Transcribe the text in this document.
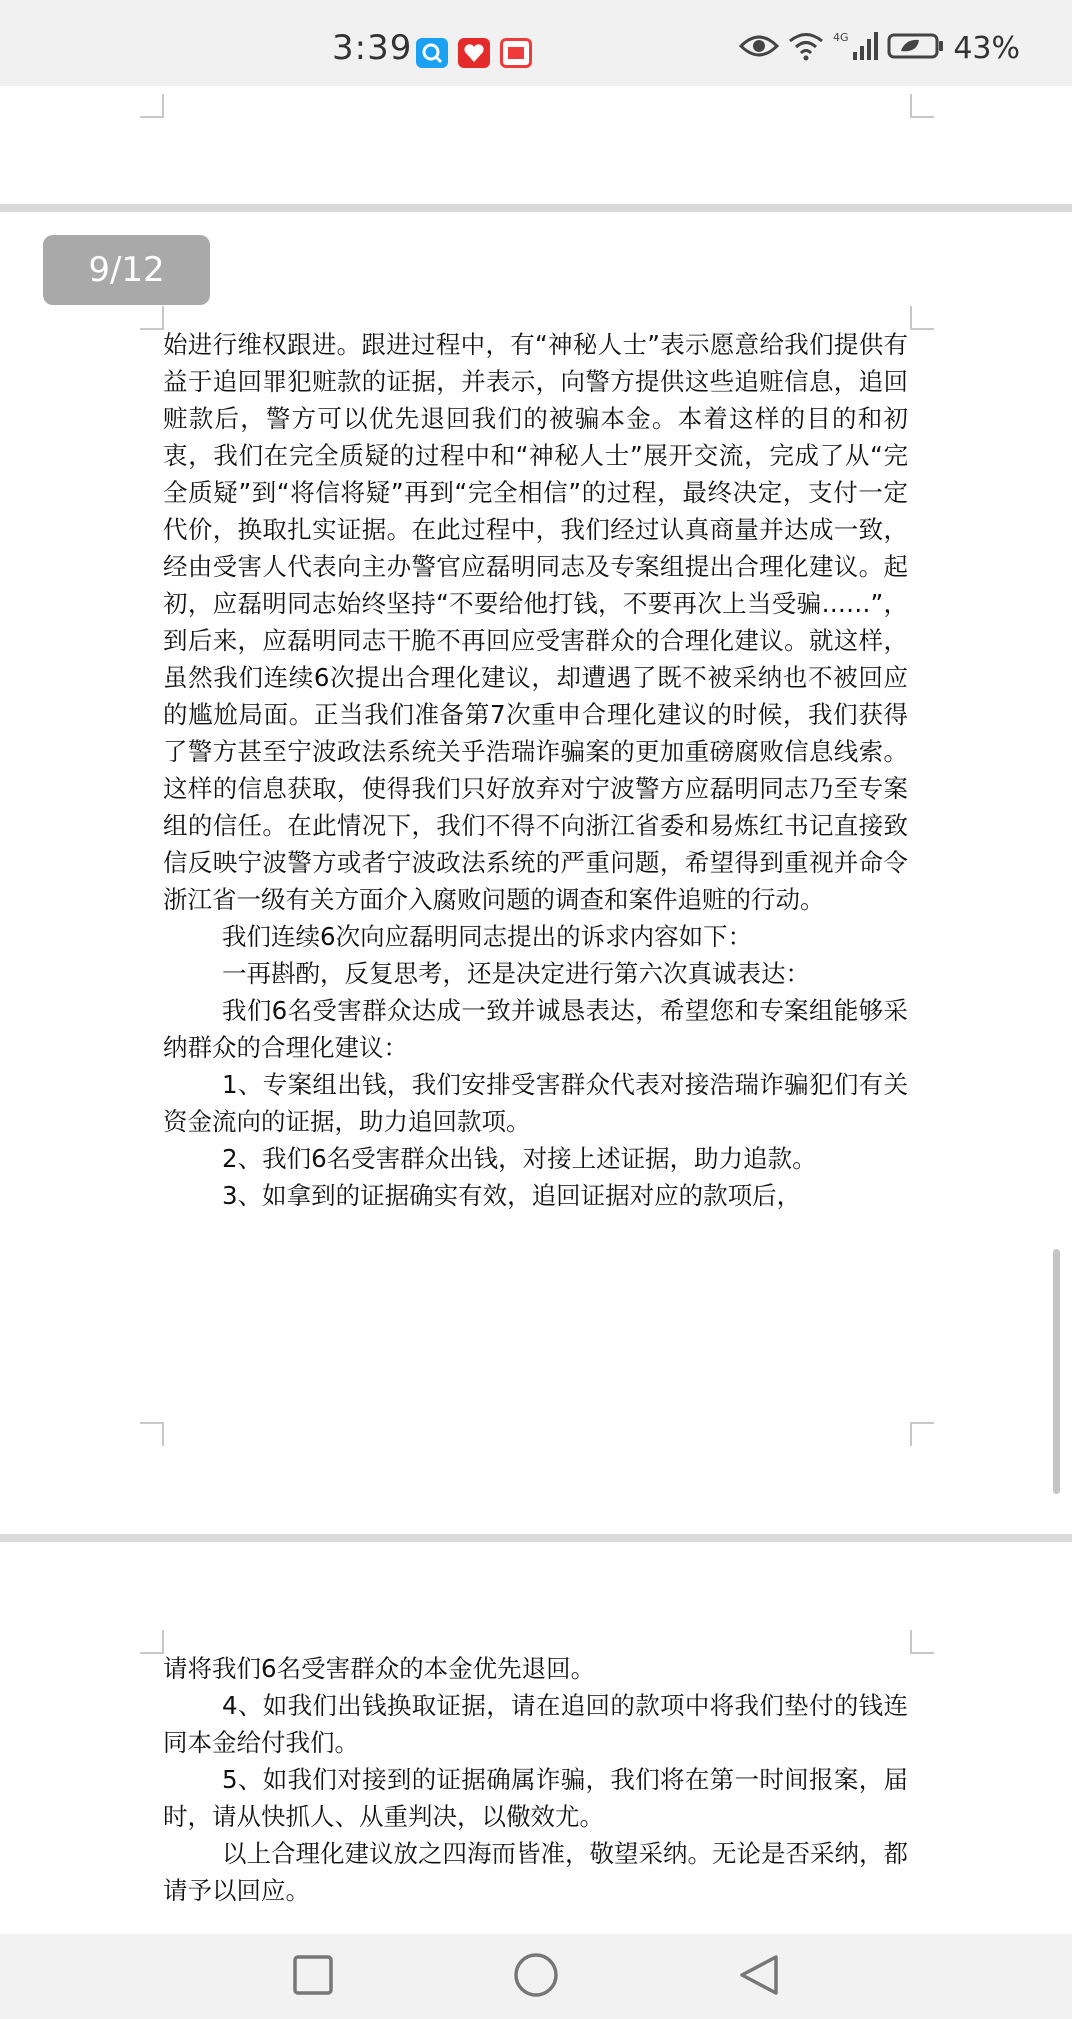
3:39	4G	43%

始进行维权跟进。跟进过程中，有“神秘人士”表示愿意给我们提供有益于追回罪犯赃款的证据，并表示，向警方提供这些追赃信息，追回赃款后，警方可以优先退回我们的被骗本金。本着这样的目的和初衷，我们在完全质疑的过程中和“神秘人士”展开交流，完成了从“完全质疑”到“将信将疑”再到“完全相信”的过程，最终决定，支付一定代价，换取扎实证据。在此过程中，我们经过认真商量并达成一致，经由受害人代表向主办警官应磊明同志及专案组提出合理化建议。起初，应磊明同志始终坚持“不要给他打钱，不要再次上当受骗……”，到后来，应磊明同志干脆不再回应受害群众的合理化建议。就这样，虽然我们连续6次提出合理化建议，却遭遇了既不被采纳也不被回应的尴尬局面。正当我们准备第7次重申合理化建议的时候，我们获得了警方甚至宁波政法系统关乎浩瑞诈骗案的更加重磅腐败信息线索。这样的信息获取，使得我们只好放弃对宁波警方应磊明同志乃至专案组的信任。在此情况下，我们不得不向浙江省委和易炼红书记直接致信反映宁波警方或者宁波政法系统的严重问题，希望得到重视并命令浙江省一级有关方面介入腐败问题的调查和案件追赃的行动。

我们连续6次向应磊明同志提出的诉求内容如下：

一再斟酌，反复思考，还是决定进行第六次真诚表达：

我们6名受害群众达成一致并诚恳表达，希望您和专案组能够采纳群众的合理化建议：

1、专案组出钱，我们安排受害群众代表对接浩瑞诈骗犯们有关资金流向的证据，助力追回款项。

2、我们6名受害群众出钱，对接上述证据，助力追款。

3、如拿到的证据确实有效，追回证据对应的款项后，

请将我们6名受害群众的本金优先退回。

4、如我们出钱换取证据，请在追回的款项中将我们垫付的钱连同本金给付我们。

5、如我们对接到的证据确属诈骗，我们将在第一时间报案，届时，请从快抓人、从重判决，以儆效尤。

以上合理化建议放之四海而皆准，敬望采纳。无论是否采纳，都请予以回应。

9/12
